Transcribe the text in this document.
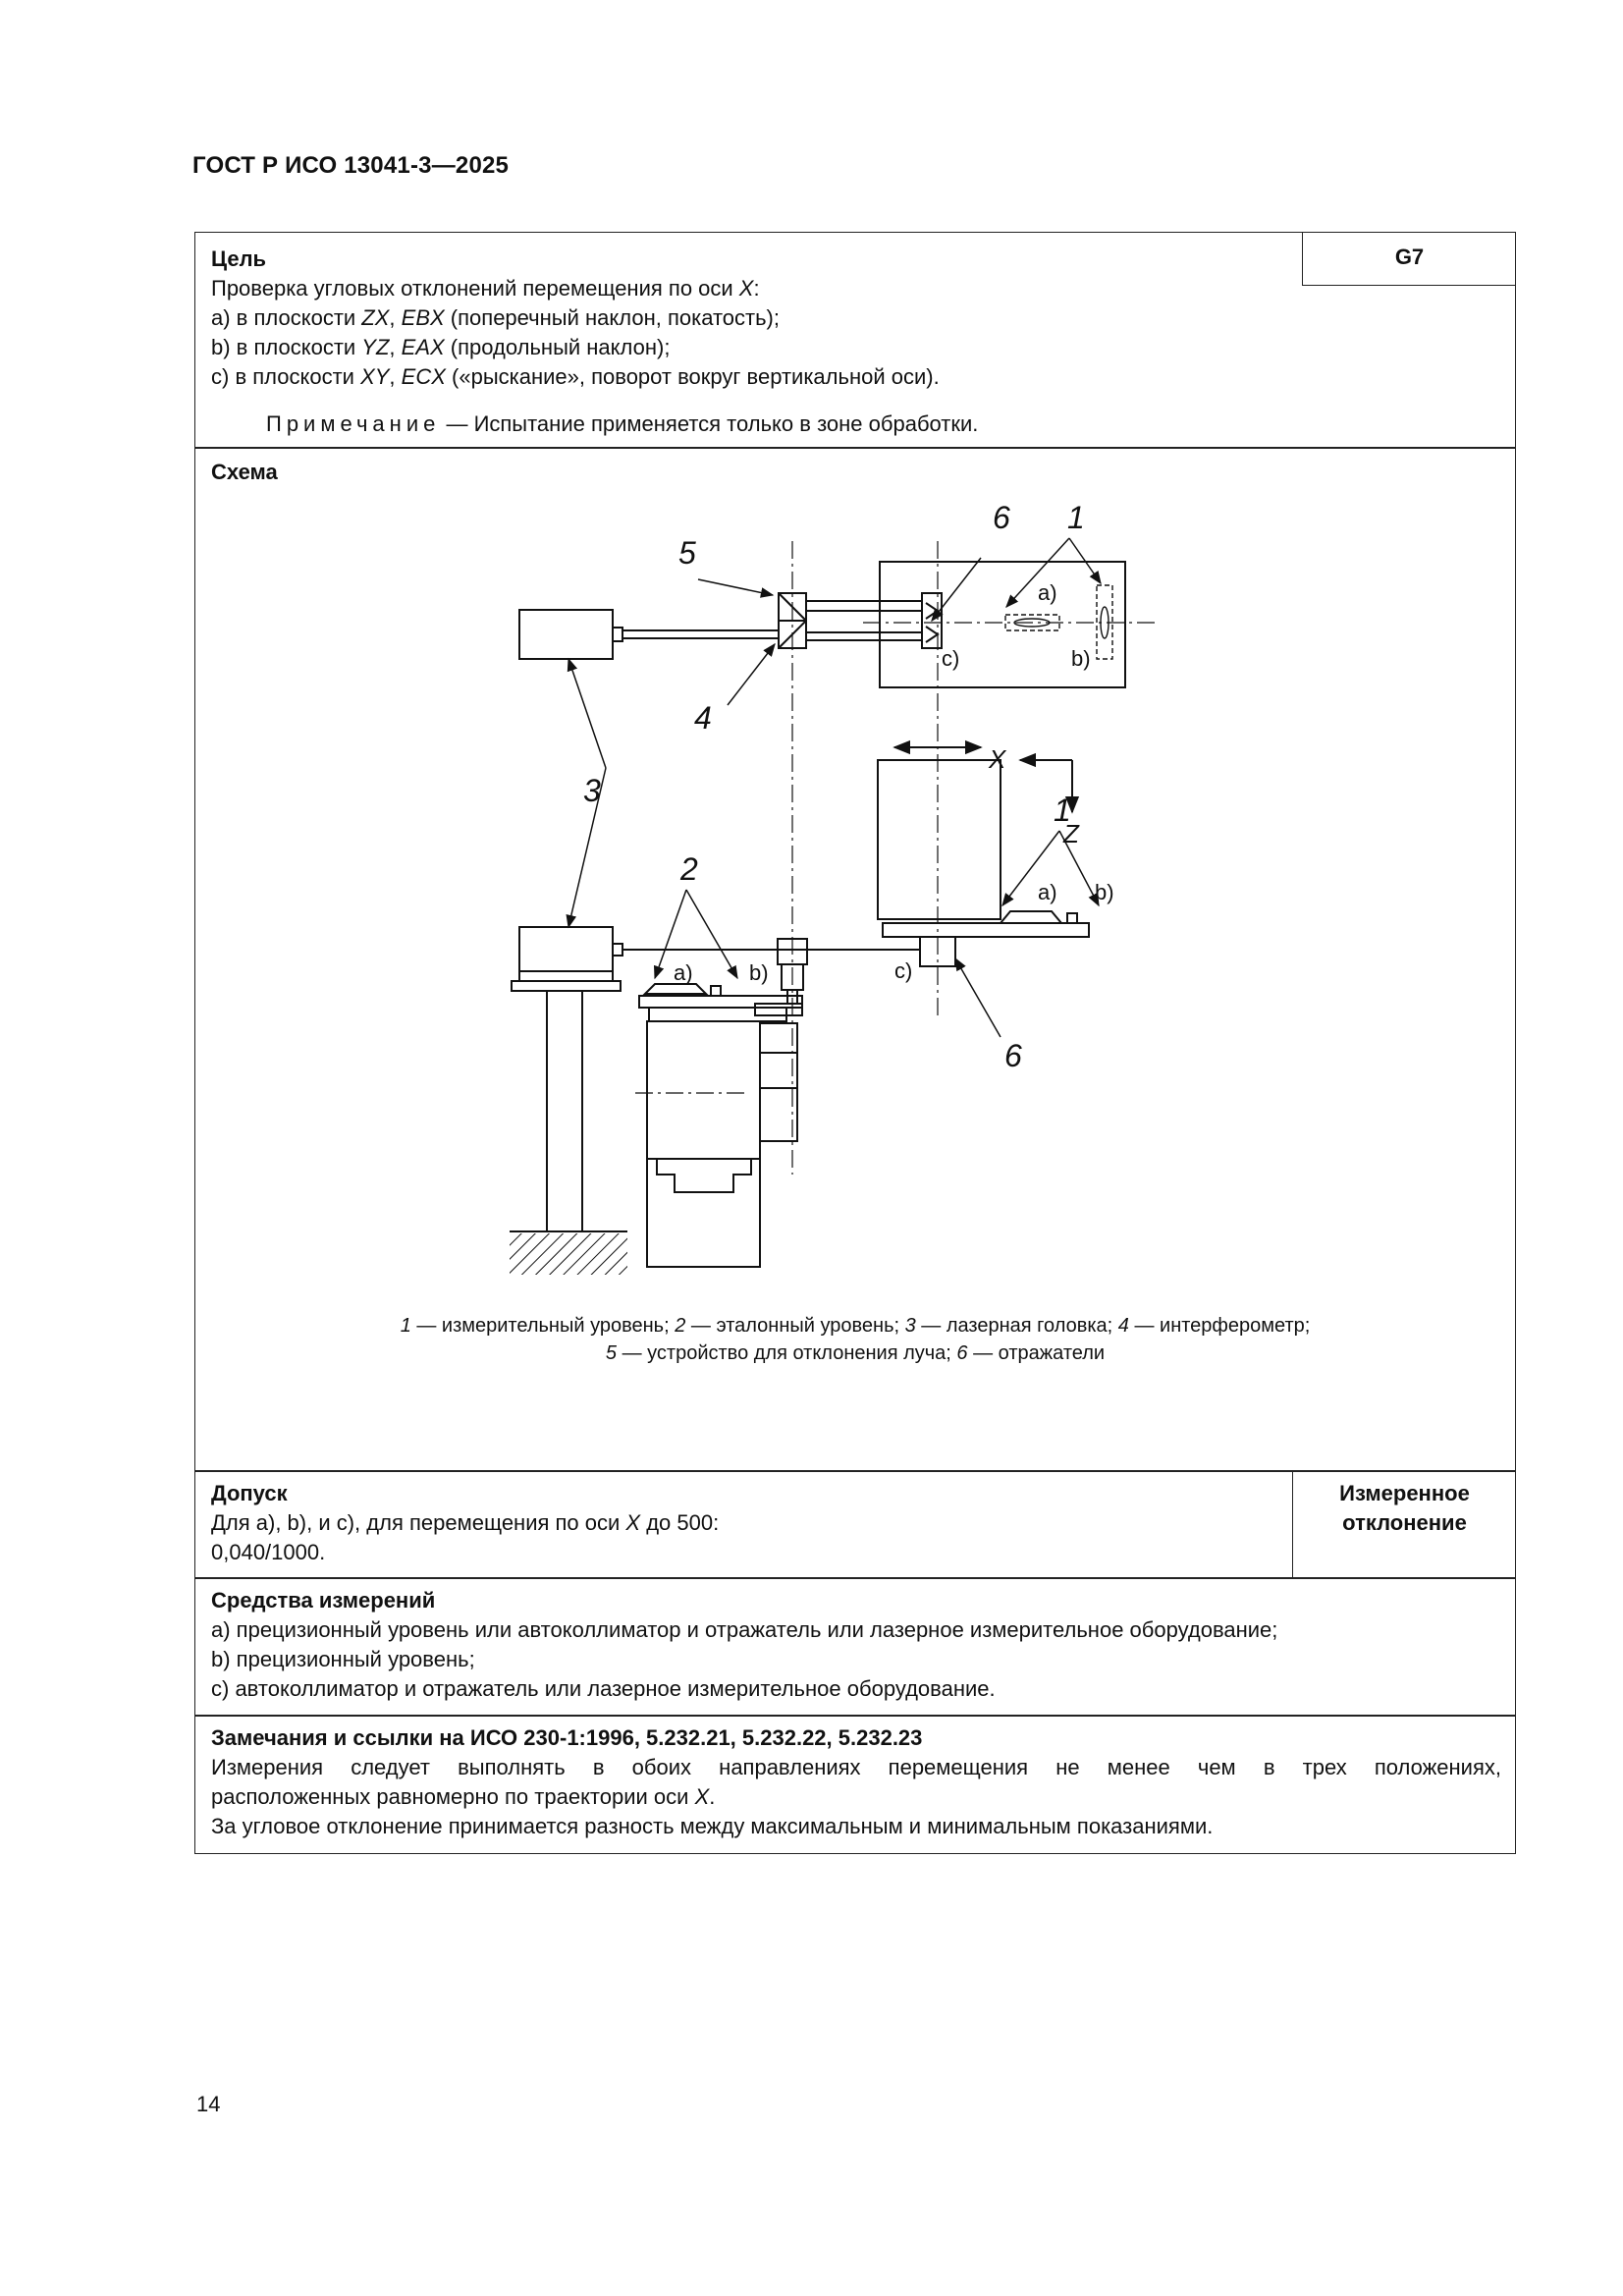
ГОСТ Р ИСО 13041-3—2025
Цель	G7
Проверка угловых отклонений перемещения по оси X:
a) в плоскости ZX, EBX (поперечный наклон, покатость);
b) в плоскости YZ, EAX (продольный наклон);
c) в плоскости XY, ECX («рыскание», поворот вокруг вертикальной оси).
Примечание — Испытание применяется только в зоне обработки.
Схема
5
4
3
6 1
1
2
6
a)
b)
c)
a) b)
a)	b)	c)
X
Z
1 — измерительный уровень; 2 — эталонный уровень; 3 — лазерная головка; 4 — интерферометр;
5 — устройство для отклонения луча; 6 — отражатели
Допуск
Для a), b), и c), для перемещения по оси X до 500:
0,040/1000.
Измеренное
отклонение
Средства измерений
a) прецизионный уровень или автоколлиматор и отражатель или лазерное измерительное оборудование;
b) прецизионный уровень;
c) автоколлиматор и отражатель или лазерное измерительное оборудование.
Замечания и ссылки на ИСО 230-1:1996, 5.232.21, 5.232.22, 5.232.23
Измерения следует выполнять в обоих направлениях перемещения не менее чем в трех положениях,
расположенных равномерно по траектории оси X.
За угловое отклонение принимается разность между максимальным и минимальным показаниями.
14
